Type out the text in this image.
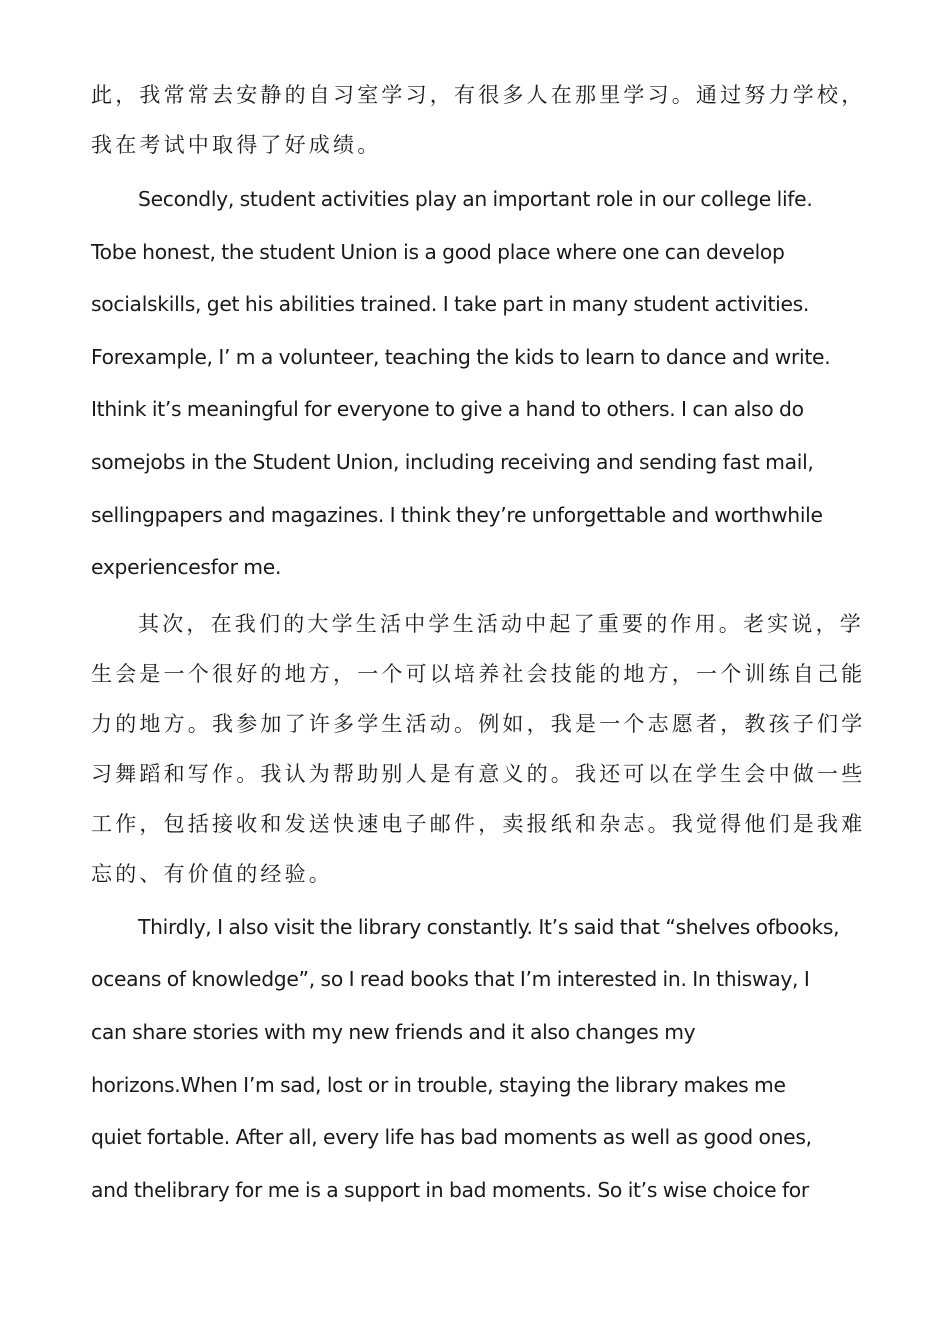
此，我常常去安静的自习室学习，有很多人在那里学习。通过努力学校，
我在考试中取得了好成绩。

Secondly, student activities play an important role in our college life.
Tobe honest, the student Union is a good place where one can develop
socialskills, get his abilities trained. I take part in many student activities.
Forexample, I’ m a volunteer, teaching the kids to learn to dance and write.
Ithink it’s meaningful for everyone to give a hand to others. I can also do
somejobs in the Student Union, including receiving and sending fast mail,
sellingpapers and magazines. I think they’re unforgettable and worthwhile
experiencesfor me.

其次，在我们的大学生活中学生活动中起了重要的作用。老实说，学
生会是一个很好的地方，一个可以培养社会技能的地方，一个训练自己能
力的地方。我参加了许多学生活动。例如，我是一个志愿者，教孩子们学
习舞蹈和写作。我认为帮助别人是有意义的。我还可以在学生会中做一些
工作，包括接收和发送快速电子邮件，卖报纸和杂志。我觉得他们是我难
忘的、有价值的经验。

Thirdly, I also visit the library constantly. It’s said that “shelves ofbooks,
oceans of knowledge”, so I read books that I’m interested in. In thisway, I
can share stories with my new friends and it also changes my
horizons.When I’m sad, lost or in trouble, staying the library makes me
quiet fortable. After all, every life has bad moments as well as good ones,
and thelibrary for me is a support in bad moments. So it’s wise choice for
